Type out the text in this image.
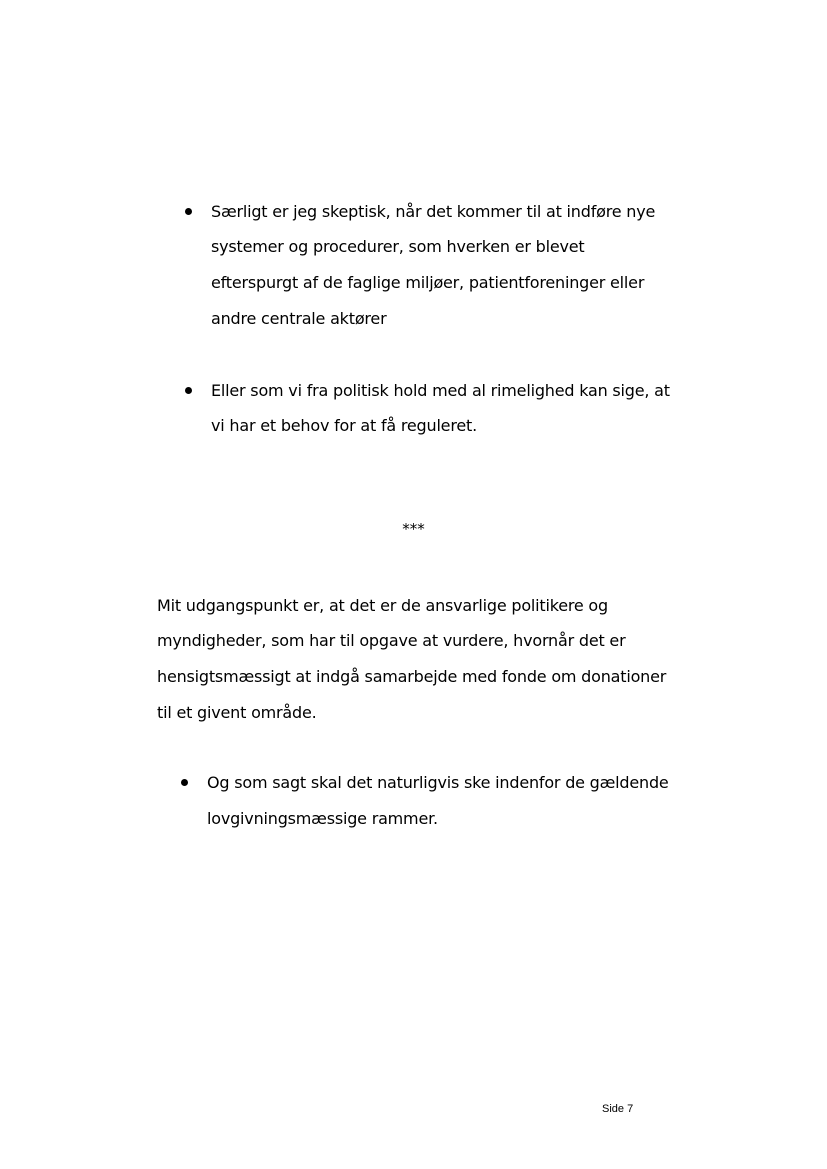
Særligt er jeg skeptisk, når det kommer til at indføre nye
systemer og procedurer, som hverken er blevet
efterspurgt af de faglige miljøer, patientforeninger eller
andre centrale aktører
Eller som vi fra politisk hold med al rimelighed kan sige, at
vi har et behov for at få reguleret.
***
Mit udgangspunkt er, at det er de ansvarlige politikere og
myndigheder, som har til opgave at vurdere, hvornår det er
hensigtsmæssigt at indgå samarbejde med fonde om donationer
til et givent område.
Og som sagt skal det naturligvis ske indenfor de gældende
lovgivningsmæssige rammer.
Side 7
